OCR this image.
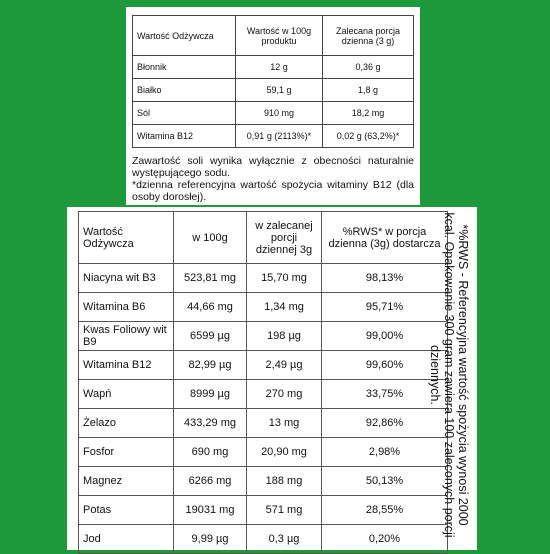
Wartość Odżywcza	Wartość w 100g produktu	Zalecana porcja dzienna (3 g)
Błonnik	12 g	0,36 g
Białko	59,1 g	1,8 g
Sól	910 mg	18,2 mg
Witamina B12	0,91 g (2113%)*	0,02 g (63,2%)*

Zawartość soli wynika wyłącznie z obecności naturalnie występującego sodu.

*dzienna referencyjna wartość spożycia witaminy B12 (dla osoby dorosłej).

Wartość Odżywcza	w 100g	w zalecanej porcji dziennej 3g	%RWS* w porcja dzienna (3g) dostarcza
Niacyna wit B3	523,81 mg	15,70 mg	98,13%
Witamina B6	44,66 mg	1,34 mg	95,71%
Kwas Foliowy wit B9	6599 µg	198 µg	99,00%
Witamina B12	82,99 µg	2,49 µg	99,60%
Wapń	8999 µg	270 mg	33,75%
Żelazo	433,29 mg	13 mg	92,86%
Fosfor	690 mg	20,90 mg	2,98%
Magnez	6266 mg	188 mg	50,13%
Potas	19031 mg	571 mg	28,55%
Jod	9,99 µg	0,3 µg	0,20%

*%RWS - Referencyjna wartość spożycia wynosi 2000 kcal. Opakowanie 300 gram zawiera 100 zaleconych porcji dziennych.
